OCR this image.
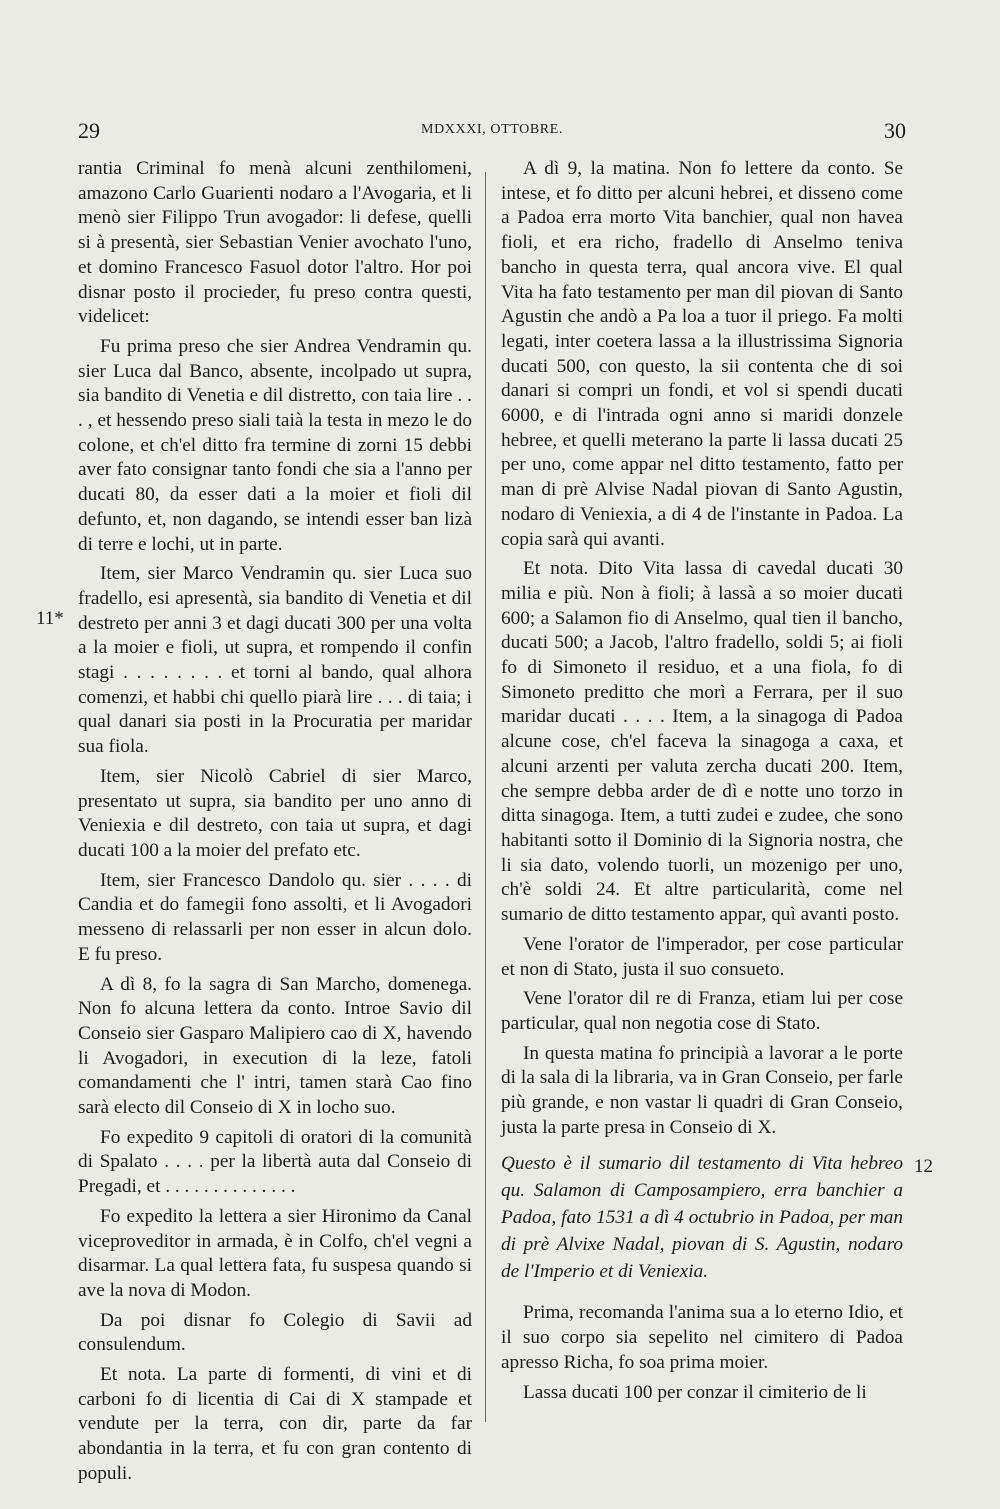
29	MDXXXI, OTTOBRE.	30
11*
12

rantia Criminal fo menà alcuni zenthilomeni, amazono Carlo Guarienti nodaro a l'Avogaria, et li menò sier Filippo Trun avogador: li defese, quelli si à presentà, sier Sebastian Venier avochato l'uno, et domino Francesco Fasuol dotor l'altro. Hor poi disnar posto il procieder, fu preso contra questi, videlicet:

Fu prima preso che sier Andrea Vendramin qu. sier Luca dal Banco, absente, incolpado ut supra, sia bandito di Venetia e dil distretto, con taia lire . . . , et hessendo preso siali taià la testa in mezo le do colone, et ch'el ditto fra termine di zorni 15 debbi aver fato consignar tanto fondi che sia a l'anno per ducati 80, da esser dati a la moier et fioli dil defunto, et, non dagando, se intendi esser ban lizà di terre e lochi, ut in parte.

Item, sier Marco Vendramin qu. sier Luca suo fradello, esi apresentà, sia bandito di Venetia et dil destreto per anni 3 et dagi ducati 300 per una volta a la moier e fioli, ut supra, et rompendo il confin stagi . . . . . . . . et torni al bando, qual alhora comenzi, et habbi chi quello piarà lire . . . di taia; i qual danari sia posti in la Procuratia per maridar sua fiola.

Item, sier Nicolò Cabriel di sier Marco, presentato ut supra, sia bandito per uno anno di Veniexia e dil destreto, con taia ut supra, et dagi ducati 100 a la moier del prefato etc.

Item, sier Francesco Dandolo qu. sier . . . . di Candia et do famegii fono assolti, et li Avogadori messeno di relassarli per non esser in alcun dolo. E fu preso.

A dì 8, fo la sagra di San Marcho, domenega. Non fo alcuna lettera da conto. Introe Savio dil Conseio sier Gasparo Malipiero cao di X, havendo li Avogadori, in execution di la leze, fatoli comandamenti che l' intri, tamen starà Cao fino sarà electo dil Conseio di X in locho suo.

Fo expedito 9 capitoli di oratori di la comunità di Spalato . . . . per la libertà auta dal Conseio di Pregadi, et . . . . . . . . . . . . . .

Fo expedito la lettera a sier Hironimo da Canal viceproveditor in armada, è in Colfo, ch'el vegni a disarmar. La qual lettera fata, fu suspesa quando si ave la nova di Modon.

Da poi disnar fo Colegio di Savii ad consulendum.

Et nota. La parte di formenti, di vini et di carboni fo di licentia di Cai di X stampade et vendute per la terra, con dir, parte da far abondantia in la terra, et fu con gran contento di populi.

A dì 9, la matina. Non fo lettere da conto. Se intese, et fo ditto per alcuni hebrei, et disseno come a Padoa erra morto Vita banchier, qual non havea fioli, et era richo, fradello di Anselmo teniva bancho in questa terra, qual ancora vive. El qual Vita ha fato testamento per man dil piovan di Santo Agustin che andò a Pa loa a tuor il priego. Fa molti legati, inter coetera lassa a la illustrissima Signoria ducati 500, con questo, la sii contenta che di soi danari si compri un fondi, et vol si spendi ducati 6000, e di l'intrada ogni anno si maridi donzele hebree, et quelli meterano la parte li lassa ducati 25 per uno, come appar nel ditto testamento, fatto per man di prè Alvise Nadal piovan di Santo Agustin, nodaro di Veniexia, a di 4 de l'instante in Padoa. La copia sarà qui avanti.

Et nota. Dito Vita lassa di cavedal ducati 30 milia e più. Non à fioli; à lassà a so moier ducati 600; a Salamon fio di Anselmo, qual tien il bancho, ducati 500; a Jacob, l'altro fradello, soldi 5; ai fioli fo di Simoneto il residuo, et a una fiola, fo di Simoneto preditto che morì a Ferrara, per il suo maridar ducati . . . . Item, a la sinagoga di Padoa alcune cose, ch'el faceva la sinagoga a caxa, et alcuni arzenti per valuta zercha ducati 200. Item, che sempre debba arder de dì e notte uno torzo in ditta sinagoga. Item, a tutti zudei e zudee, che sono habitanti sotto il Dominio di la Signoria nostra, che li sia dato, volendo tuorli, un mozenigo per uno, ch'è soldi 24. Et altre particularità, come nel sumario de ditto testamento appar, quì avanti posto.

Vene l'orator de l'imperador, per cose particular et non di Stato, justa il suo consueto.

Vene l'orator dil re di Franza, etiam lui per cose particular, qual non negotia cose di Stato.

In questa matina fo principià a lavorar a le porte di la sala di la libraria, va in Gran Conseio, per farle più grande, e non vastar li quadri di Gran Conseio, justa la parte presa in Conseio di X.

Questo è il sumario dil testamento di Vita hebreo qu. Salamon di Camposampiero, erra banchier a Padoa, fato 1531 a dì 4 octubrio in Padoa, per man di prè Alvixe Nadal, piovan di S. Agustin, nodaro de l'Imperio et di Veniexia.

Prima, recomanda l'anima sua a lo eterno Idio, et il suo corpo sia sepelito nel cimitero di Padoa apresso Richa, fo soa prima moier.

Lassa ducati 100 per conzar il cimiterio de li
